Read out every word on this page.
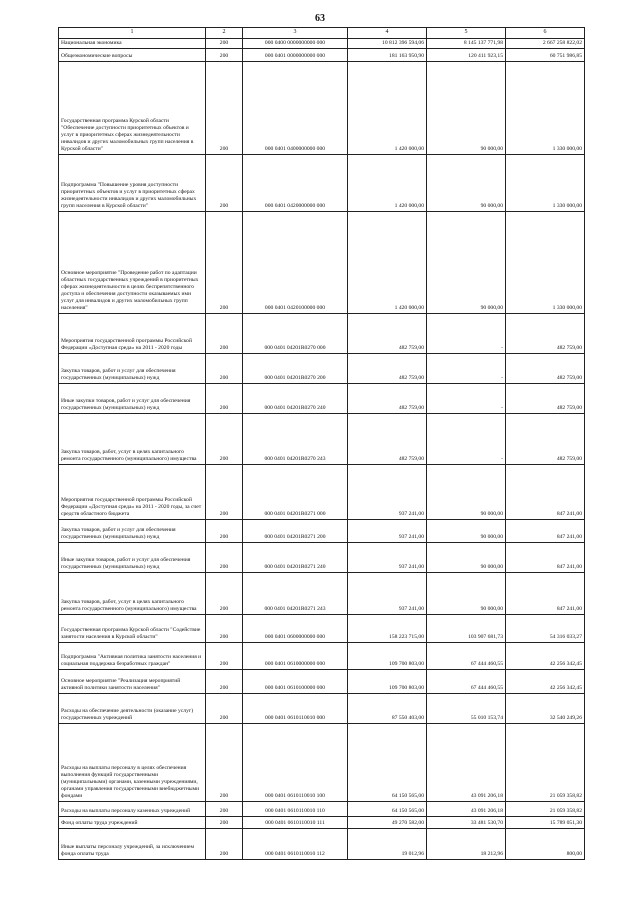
63
1	2	3	4	5	6
Национальная экономика	200	000 0400 0000000000 000	10 812 396 594,06	8 145 137 771,98	2 667 258 822,02
Общеэкономические вопросы	200	000 0401 0000000000 000	181 163 950,90	120 411 923,15	60 751 986,85
Государственная программа Курской области "Обеспечение доступности приоритетных объектов и услуг в приоритетных сферах жизнедеятельности инвалидов и других маломобильных групп населения в Курской области"	200	000 0401 0400000000 000	1 420 000,00	90 000,00	1 330 000,00
Подпрограмма "Повышение уровня доступности приоритетных объектов и услуг в приоритетных сферах жизнедеятельности инвалидов и других маломобильных групп населения в Курской области"	200	000 0401 0420000000 000	1 420 000,00	90 000,00	1 330 000,00
Основное мероприятие "Проведение работ по адаптации областных государственных учреждений в приоритетных сферах жизнедеятельности в целях беспрепятственного доступа и обеспечения доступности оказываемых ими услуг для инвалидов и других маломобильных групп населения"	200	000 0401 0420100000 000	1 420 000,00	90 000,00	1 330 000,00
Мероприятия государственной программы Российской Федерации «Доступная среда» на 2011 - 2020 годы	200	000 0401 04201R0270 000	482 759,00	-	482 759,00
Закупка товаров, работ и услуг для обеспечения государственных (муниципальных) нужд	200	000 0401 04201R0270 200	482 759,00	-	482 759,00
Иные закупки товаров, работ и услуг для обеспечения государственных (муниципальных) нужд	200	000 0401 04201R0270 240	482 759,00	-	482 759,00
Закупка товаров, работ, услуг в целях капитального ремонта государственного (муниципального) имущества	200	000 0401 04201R0270 243	482 759,00	-	482 759,00
Мероприятия государственной программы Российской Федерации «Доступная среда» на 2011 - 2020 годы, за счет средств областного бюджета	200	000 0401 04201R0271 000	937 241,00	90 000,00	847 241,00
Закупка товаров, работ и услуг для обеспечения государственных (муниципальных) нужд	200	000 0401 04201R0271 200	937 241,00	90 000,00	847 241,00
Иные закупки товаров, работ и услуг для обеспечения государственных (муниципальных) нужд	200	000 0401 04201R0271 240	937 241,00	90 000,00	847 241,00
Закупка товаров, работ, услуг в целях капитального ремонта государственного (муниципального) имущества	200	000 0401 04201R0271 243	937 241,00	90 000,00	847 241,00
Государственная программа Курской области "Содействие занятости населения в Курской области"	200	000 0401 0600000000 000	158 223 715,00	103 907 681,73	54 316 033,27
Подпрограмма "Активная политика занятости населения и социальная поддержка безработных граждан"	200	000 0401 0610000000 000	109 700 803,00	67 444 460,55	42 256 342,45
Основное мероприятие "Реализация мероприятий активной политики занятости населения"	200	000 0401 0610100000 000	109 700 803,00	67 444 460,55	42 256 342,45
Расходы на обеспечение деятельности (оказание услуг) государственных учреждений	200	000 0401 0610110010 000	87 550 403,00	55 010 153,74	32 540 249,26
Расходы на выплаты персоналу в целях обеспечения выполнения функций государственными (муниципальными) органами, казенными учреждениями, органами управления государственными внебюджетными фондами	200	000 0401 0610110010 100	64 150 565,00	43 091 206,18	21 059 358,82
Расходы на выплаты персоналу казенных учреждений	200	000 0401 0610110010 110	64 150 565,00	43 091 206,18	21 059 358,82
Фонд оплаты труда учреждений	200	000 0401 0610110010 111	49 270 582,00	33 481 530,70	15 789 051,30
Иные выплаты персоналу учреждений, за исключением фонда оплаты труда	200	000 0401 0610110010 112	19 012,96	18 212,96	800,00
